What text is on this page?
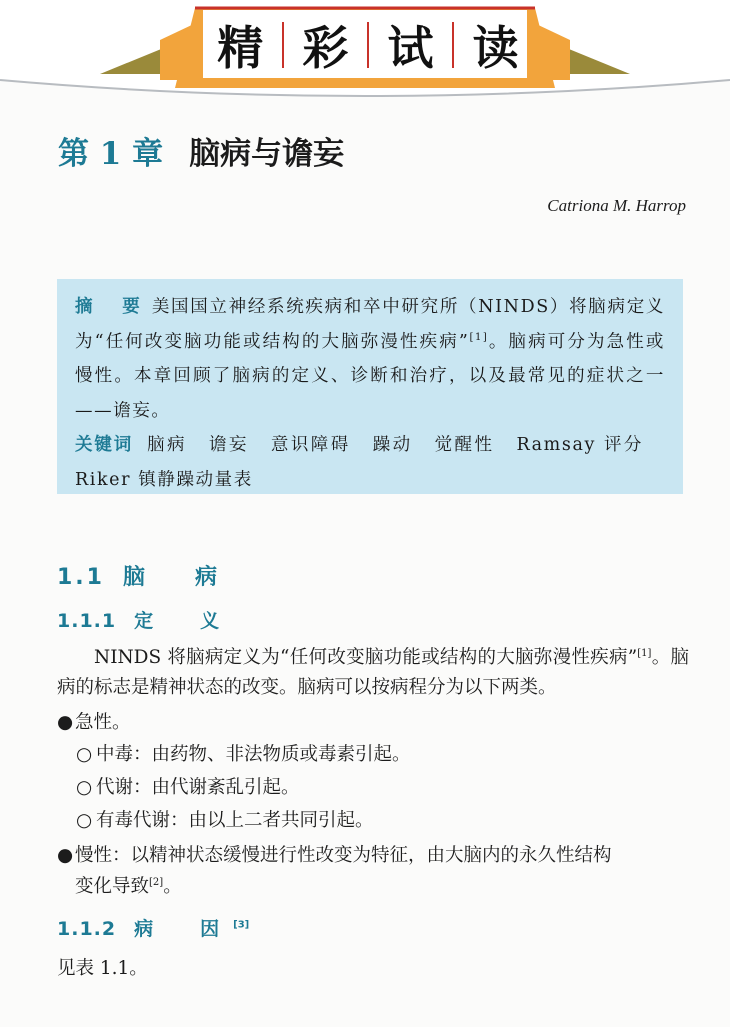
精 彩 试 读
第 1 章 脑病与谵妄
Catriona M. Harrop

摘　要 美国国立神经系统疾病和卒中研究所（NINDS）将脑病定义为“任何改变脑功能或结构的大脑弥漫性疾病”[1]。脑病可分为急性或慢性。本章回顾了脑病的定义、诊断和治疗，以及最常见的症状之一——谵妄。

关键词 脑病 谵妄 意识障碍 躁动 觉醒性 Ramsay 评分Riker 镇静躁动量表

1.1 脑　病
1.1.1 定　义

NINDS 将脑病定义为“任何改变脑功能或结构的大脑弥漫性疾病”[1]。脑病的标志是精神状态的改变。脑病可以按病程分为以下两类。

●急性。
○ 中毒：由药物、非法物质或毒素引起。
○ 代谢：由代谢紊乱引起。
○ 有毒代谢：由以上二者共同引起。
●慢性：以精神状态缓慢进行性改变为特征，由大脑内的永久性结构
变化导致[2]。
1.1.2 病　因[3]

见表 1.1。
